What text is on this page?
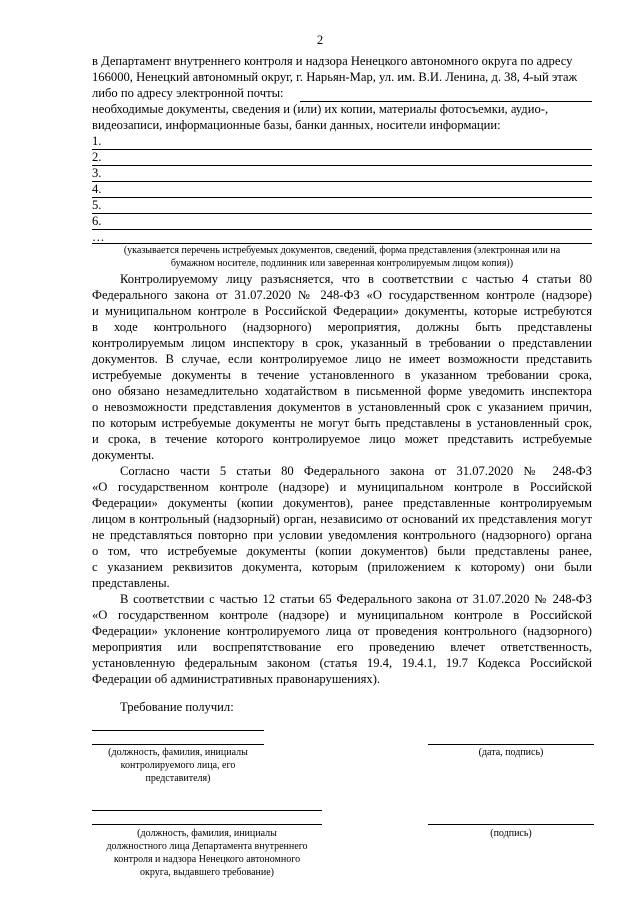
2
в Департамент внутреннего контроля и надзора Ненецкого автономного округа по адресу
166000, Ненецкий автономный округ, г. Нарьян-Мар, ул. им. В.И. Ленина, д. 38, 4-ый этаж
либо по адресу электронной почты:
необходимые документы, сведения и (или) их копии, материалы фотосъемки, аудио-,
видеозаписи, информационные базы, банки данных, носители информации:
1.
2.
3.
4.
5.
6.
…
(указывается перечень истребуемых документов, сведений, форма представления (электронная или на
бумажном носителе, подлинник или заверенная контролируемым лицом копия))
Контролируемому лицу разъясняется, что в соответствии с частью 4 статьи 80
Федерального закона от 31.07.2020 № 248-ФЗ «О государственном контроле (надзоре)
и муниципальном контроле в Российской Федерации» документы, которые истребуются
в ходе контрольного (надзорного) мероприятия, должны быть представлены
контролируемым лицом инспектору в срок, указанный в требовании о представлении
документов. В случае, если контролируемое лицо не имеет возможности представить
истребуемые документы в течение установленного в указанном требовании срока,
оно обязано незамедлительно ходатайством в письменной форме уведомить инспектора
о невозможности представления документов в установленный срок с указанием причин,
по которым истребуемые документы не могут быть представлены в установленный срок,
и срока, в течение которого контролируемое лицо может представить истребуемые
документы.
Согласно части 5 статьи 80 Федерального закона от 31.07.2020 № 248-ФЗ
«О государственном контроле (надзоре) и муниципальном контроле в Российской
Федерации» документы (копии документов), ранее представленные контролируемым
лицом в контрольный (надзорный) орган, независимо от оснований их представления могут
не представляться повторно при условии уведомления контрольного (надзорного) органа
о том, что истребуемые документы (копии документов) были представлены ранее,
с указанием реквизитов документа, которым (приложением к которому) они были
представлены.
В соответствии с частью 12 статьи 65 Федерального закона от 31.07.2020 № 248-ФЗ
«О государственном контроле (надзоре) и муниципальном контроле в Российской
Федерации» уклонение контролируемого лица от проведения контрольного (надзорного)
мероприятия или воспрепятствование его проведению влечет ответственность,
установленную федеральным законом (статья 19.4, 19.4.1, 19.7 Кодекса Российской
Федерации об административных правонарушениях).
Требование получил:
(должность, фамилия, инициалы
контролируемого лица, его
представителя)
(дата, подпись)
(должность, фамилия, инициалы
должностного лица Департамента внутреннего
контроля и надзора Ненецкого автономного
округа, выдавшего требование)
(подпись)
